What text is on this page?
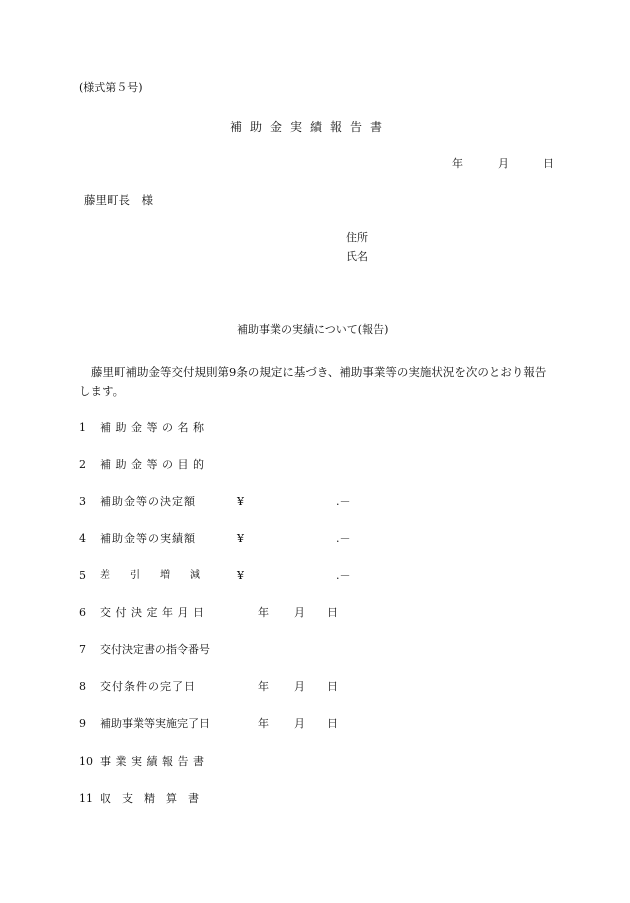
(様式第５号)
補助金実績報告書
年	月	日
藤里町長　様
住所
氏名
補助事業の実績について(報告)
藤里町補助金等交付規則第9条の規定に基づき、補助事業等の実施状況を次のとおり報告します。
1	補助金等の名称
2	補助金等の目的
3	補助金等の決定額	¥	.－
4	補助金等の実績額	¥	.－
5	差　　引　　増　　減	¥	.－
6	交付決定年月日	年 月 日
7	交付決定書の指令番号
8	交付条件の完了日	年 月 日
9	補助事業等実施完了日	年 月 日
10 事業実績報告書
11 収　支　精　算　書
